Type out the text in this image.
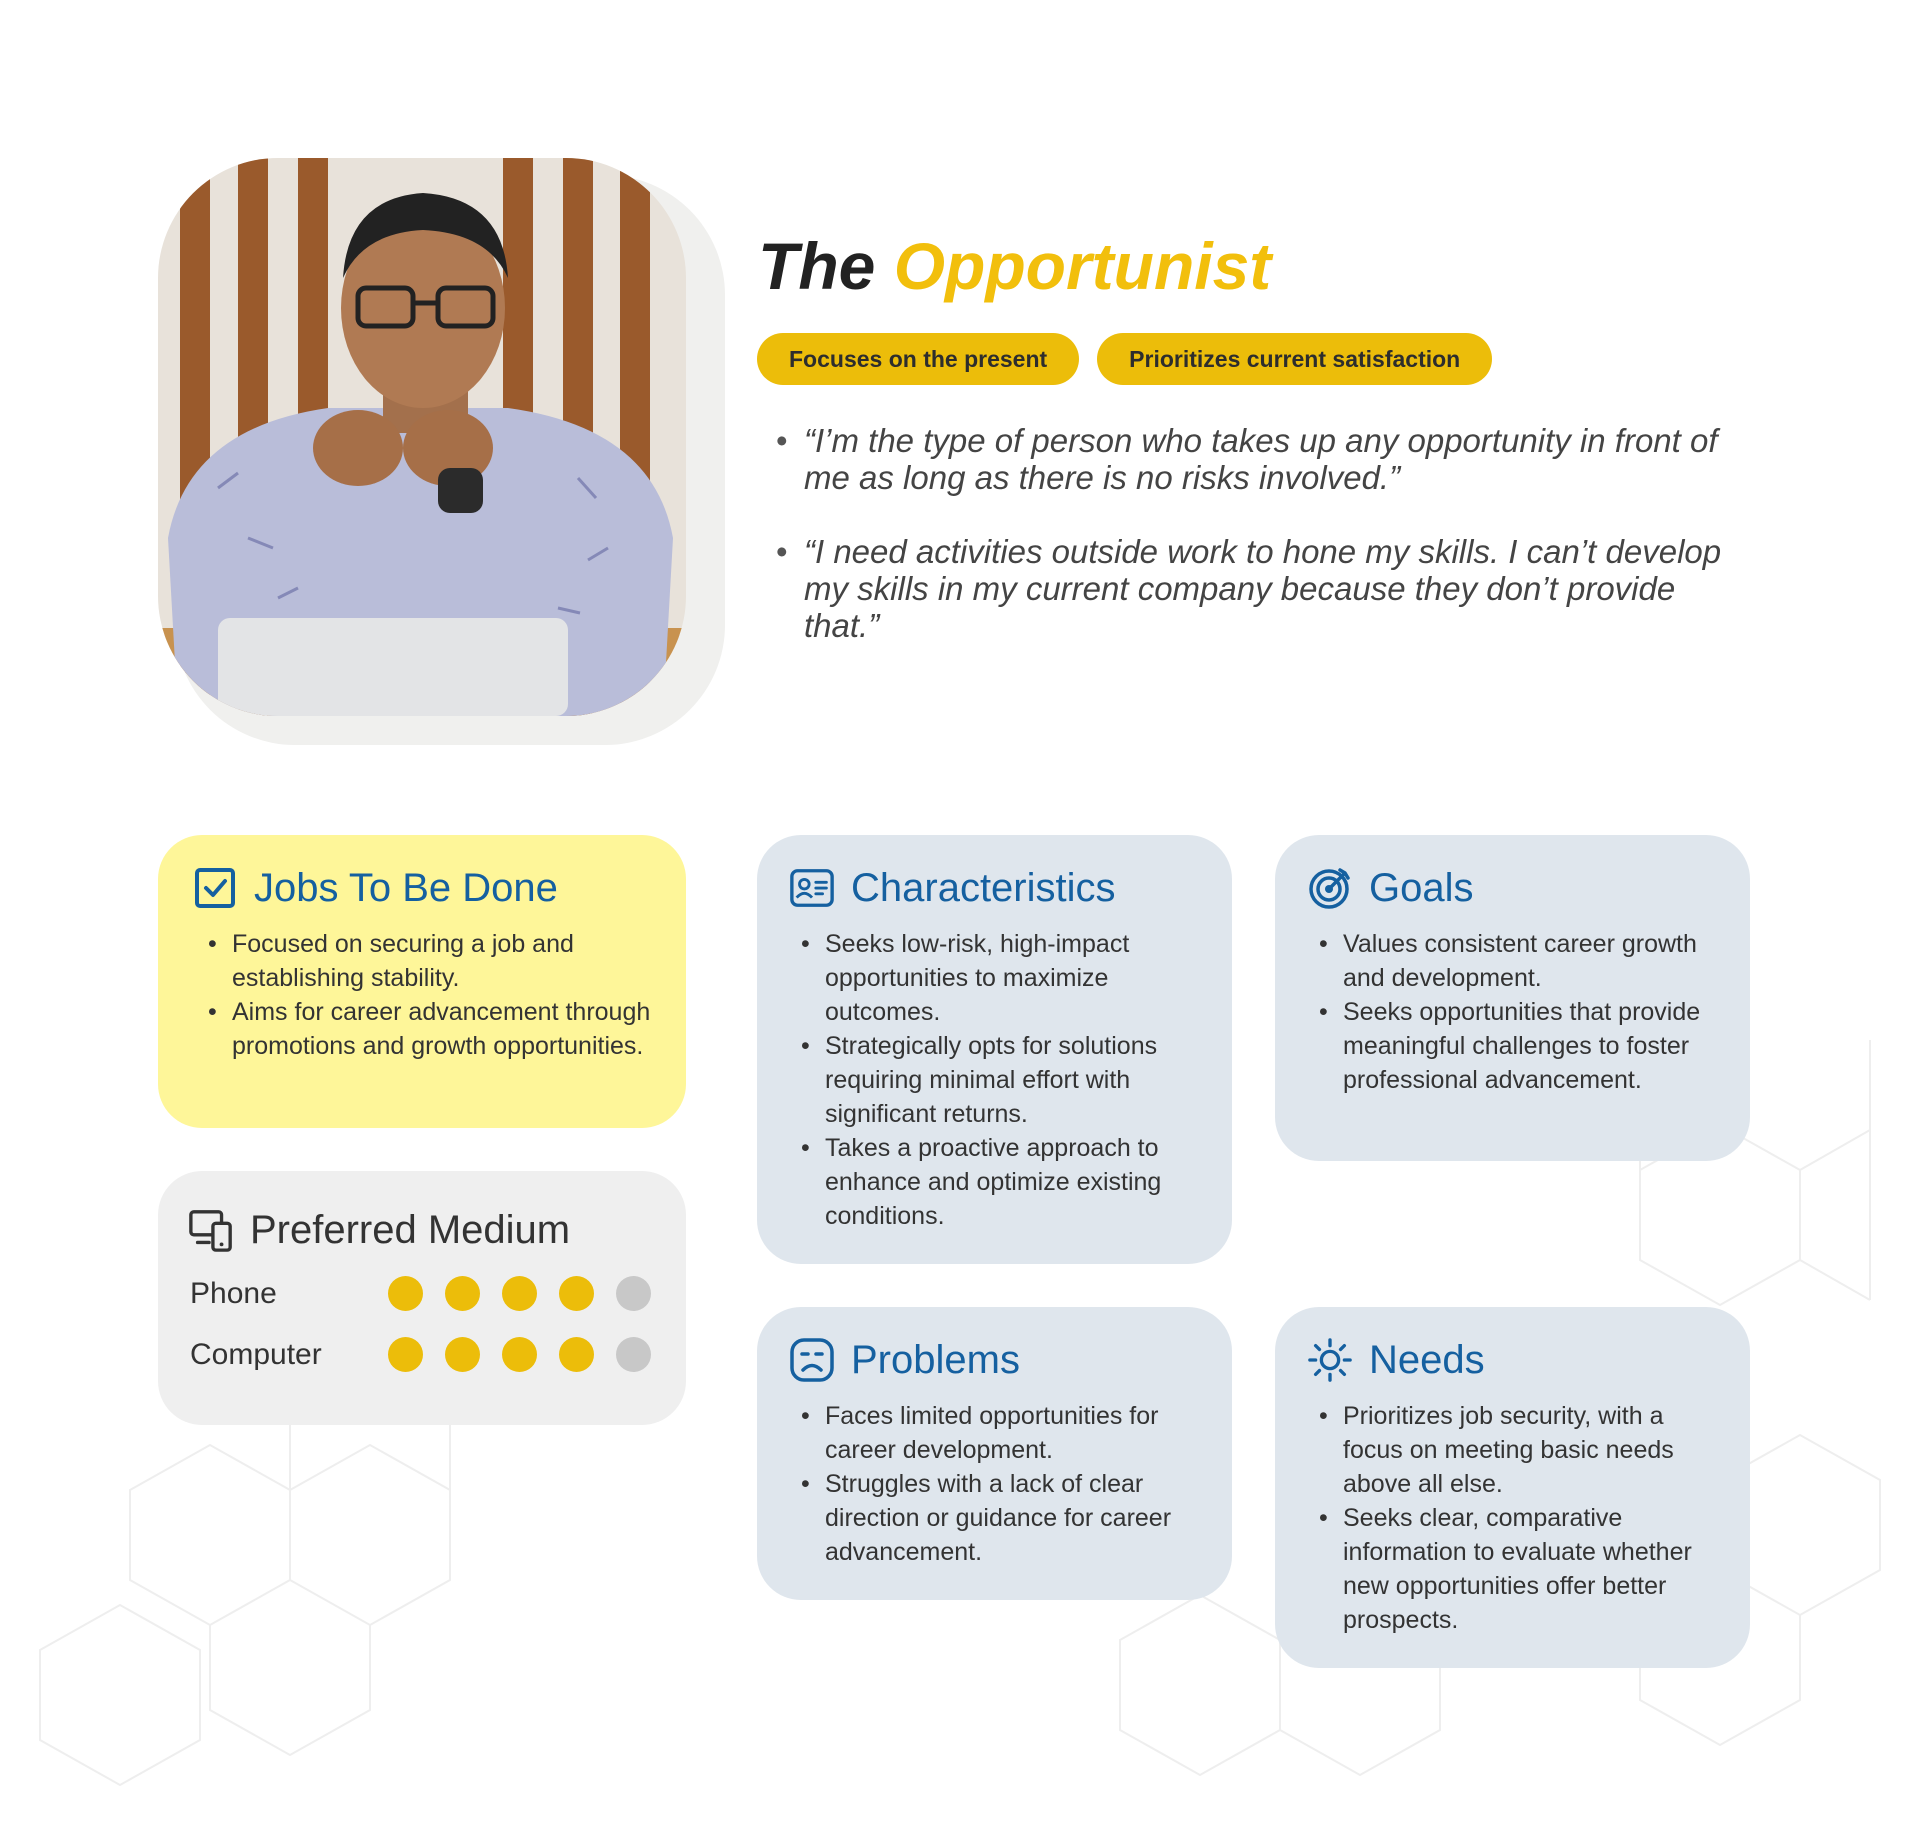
The Opportunist
Focuses on the present	Prioritizes current satisfaction
• “I’m the type of person who takes up any opportunity in front of me as long as there is no risks involved.”
• “I need activities outside work to hone my skills. I can’t develop my skills in my current company because they don’t provide that.”
Jobs To Be Done
• Focused on securing a job and establishing stability.
• Aims for career advancement through promotions and growth opportunities.
Preferred Medium
Phone
Computer
Characteristics
• Seeks low-risk, high-impact opportunities to maximize outcomes.
• Strategically opts for solutions requiring minimal effort with significant returns.
• Takes a proactive approach to enhance and optimize existing conditions.
Goals
• Values consistent career growth and development.
• Seeks opportunities that provide meaningful challenges to foster professional advancement.
Problems
• Faces limited opportunities for career development.
• Struggles with a lack of clear direction or guidance for career advancement.
Needs
• Prioritizes job security, with a focus on meeting basic needs above all else.
• Seeks clear, comparative information to evaluate whether new opportunities offer better prospects.
